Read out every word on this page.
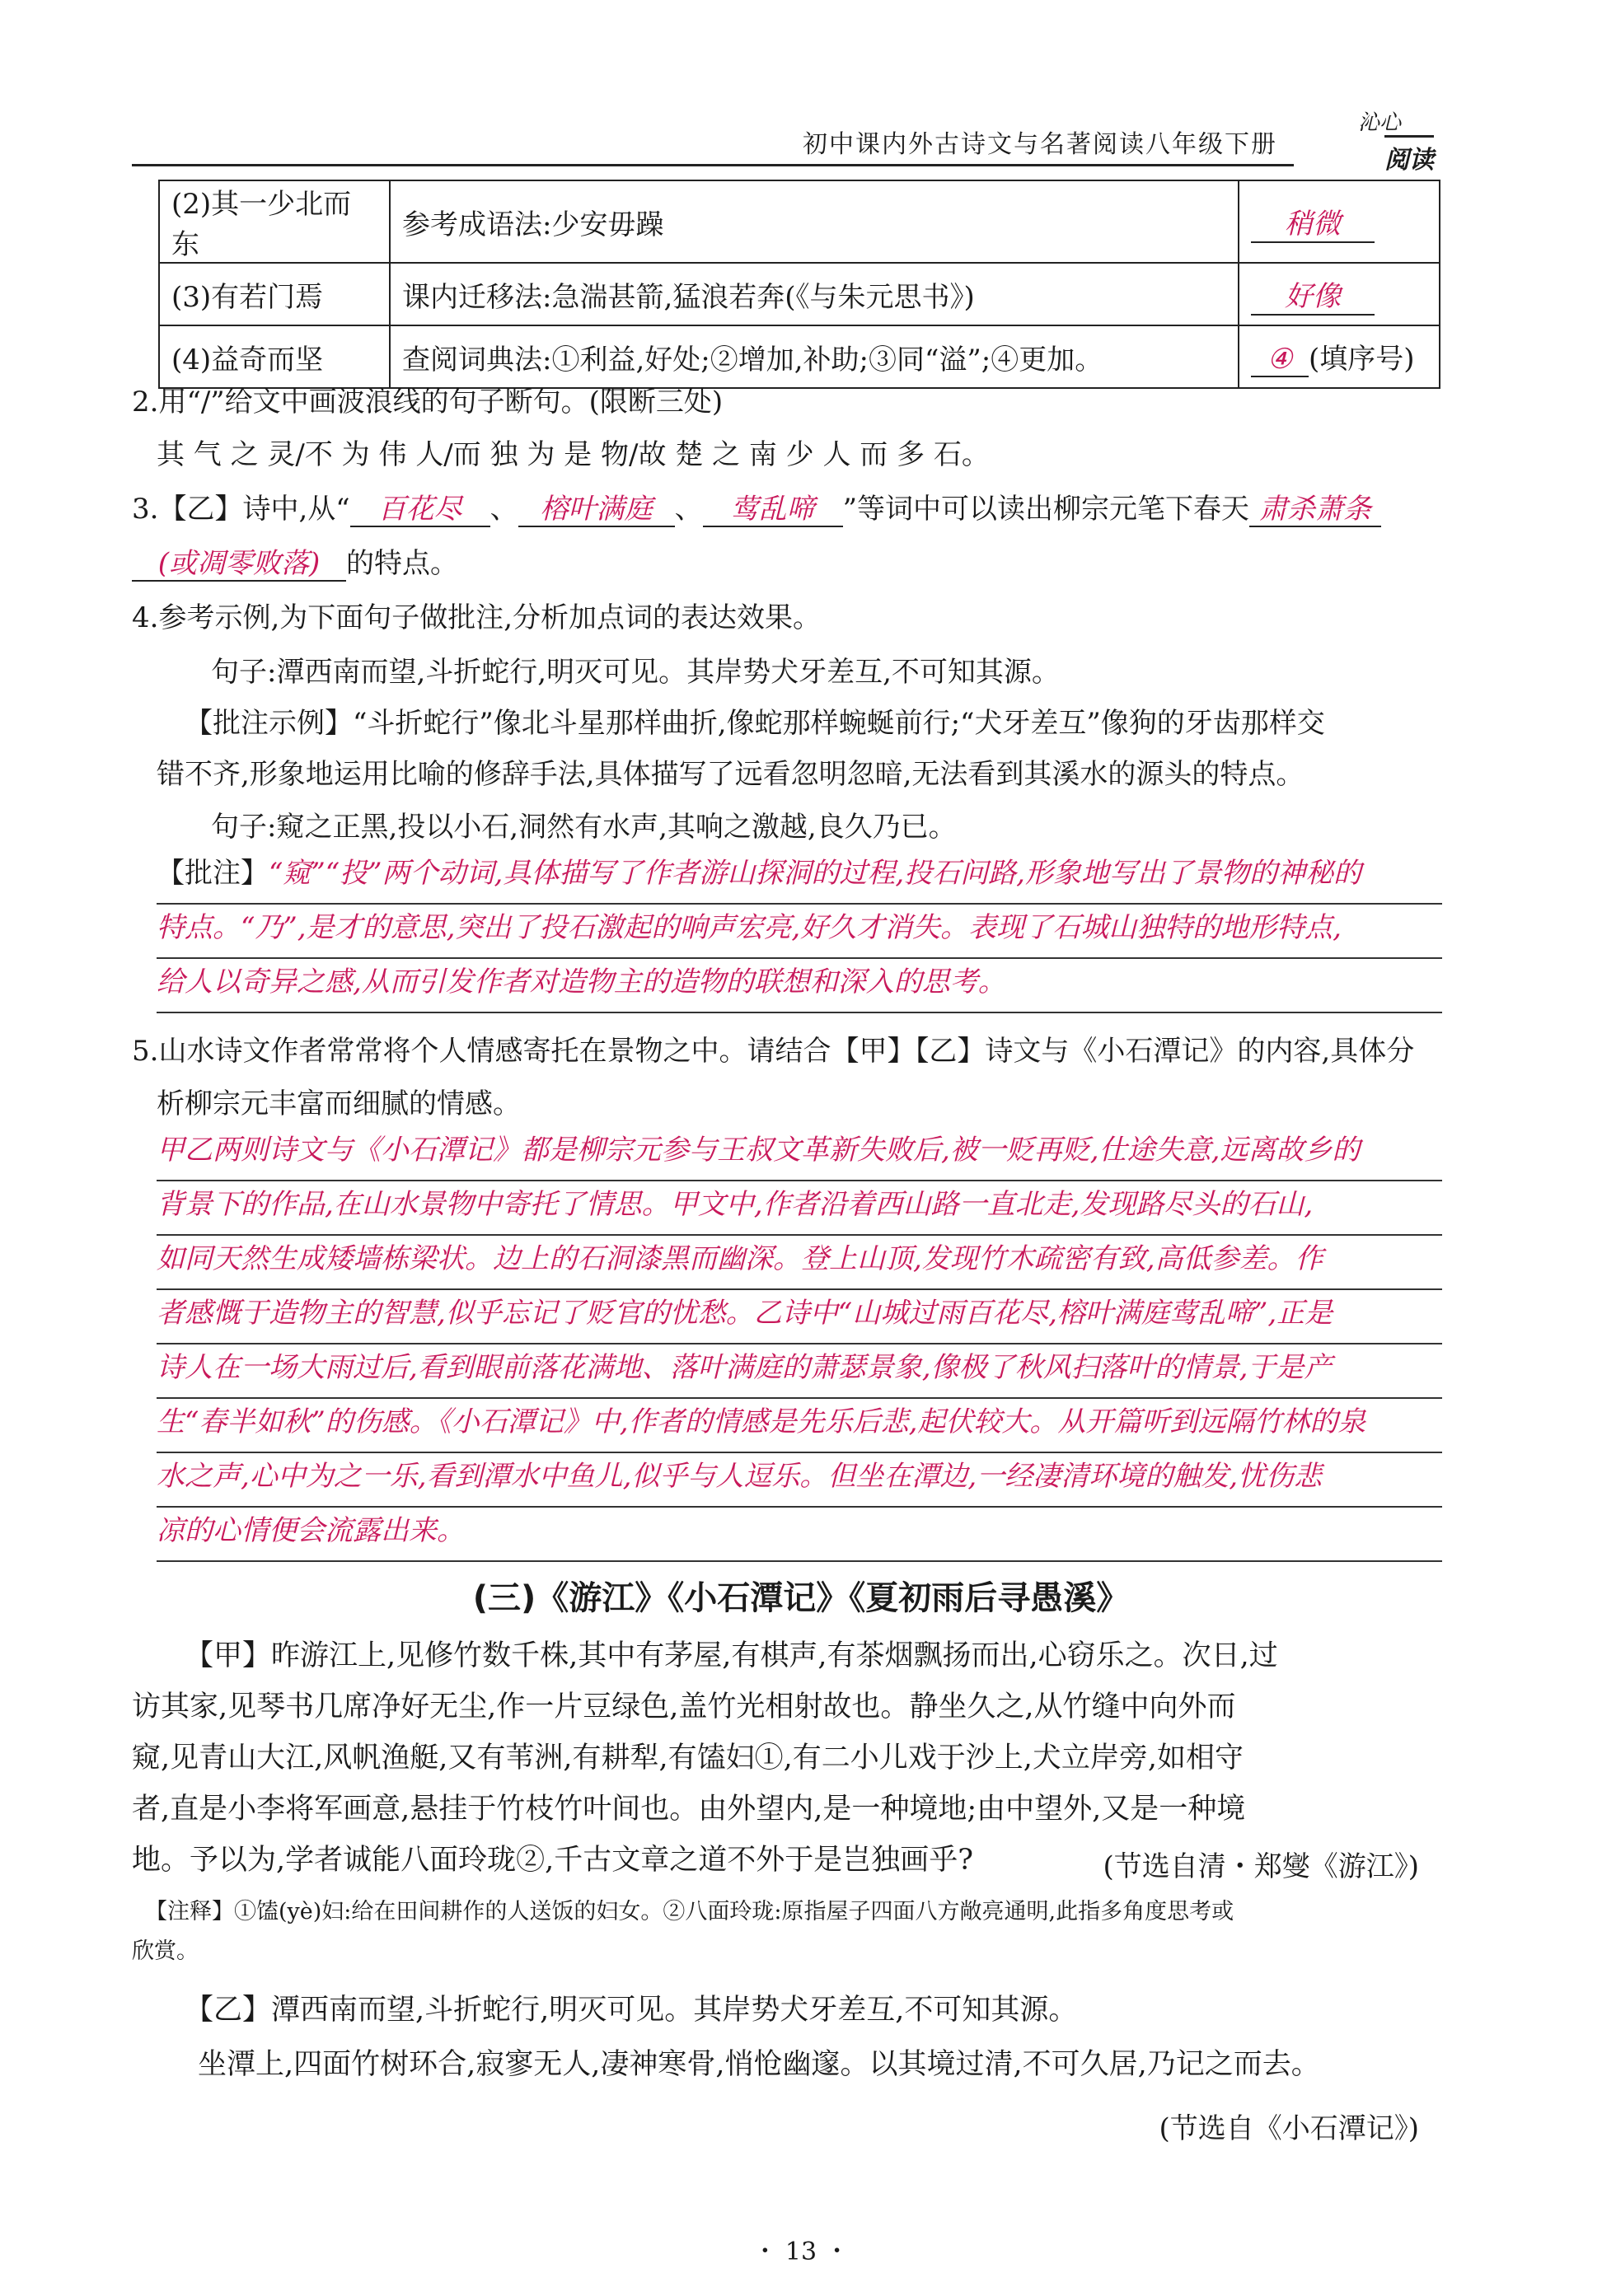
初中课内外古诗文与名著阅读八年级下册
沁心
阅读
(2)其一少北而东	参考成语法:少安毋躁	稍微
(3)有若门焉	课内迁移法:急湍甚箭,猛浪若奔(《与朱元思书》)	好像
(4)益奇而坚	查阅词典法:①利益,好处;②增加,补助;③同“溢”;④更加。	④ (填序号)
2.用“/”给文中画波浪线的句子断句。(限断三处)
其 气 之 灵/不 为 伟 人/而 独 为 是 物/故 楚 之 南 少 人 而 多 石。
3.【乙】诗中,从“ 百花尽 、 榕叶满庭 、 莺乱啼 ”等词中可以读出柳宗元笔下春天 肃杀萧条
(或凋零败落) 的特点。
4.参考示例,为下面句子做批注,分析加点词的表达效果。
句子:潭西南而望,斗折蛇行,明灭可见。其岸势犬牙差互,不可知其源。
【批注示例】“斗折蛇行”像北斗星那样曲折,像蛇那样蜿蜒前行;“犬牙差互”像狗的牙齿那样交
错不齐,形象地运用比喻的修辞手法,具体描写了远看忽明忽暗,无法看到其溪水的源头的特点。
句子:窥之正黑,投以小石,洞然有水声,其响之激越,良久乃已。
【批注】“窥”“投”两个动词,具体描写了作者游山探洞的过程,投石问路,形象地写出了景物的神秘的
特点。“乃”,是才的意思,突出了投石激起的响声宏亮,好久才消失。表现了石城山独特的地形特点,
给人以奇异之感,从而引发作者对造物主的造物的联想和深入的思考。
5.山水诗文作者常常将个人情感寄托在景物之中。请结合【甲】【乙】诗文与《小石潭记》的内容,具体分
析柳宗元丰富而细腻的情感。
甲乙两则诗文与《小石潭记》都是柳宗元参与王叔文革新失败后,被一贬再贬,仕途失意,远离故乡的
背景下的作品,在山水景物中寄托了情思。甲文中,作者沿着西山路一直北走,发现路尽头的石山,
如同天然生成矮墙栋梁状。边上的石洞漆黑而幽深。登上山顶,发现竹木疏密有致,高低参差。作
者感慨于造物主的智慧,似乎忘记了贬官的忧愁。乙诗中“山城过雨百花尽,榕叶满庭莺乱啼”,正是
诗人在一场大雨过后,看到眼前落花满地、落叶满庭的萧瑟景象,像极了秋风扫落叶的情景,于是产
生“春半如秋”的伤感。《小石潭记》中,作者的情感是先乐后悲,起伏较大。从开篇听到远隔竹林的泉
水之声,心中为之一乐,看到潭水中鱼儿,似乎与人逗乐。但坐在潭边,一经凄清环境的触发,忧伤悲
凉的心情便会流露出来。
(三)《游江》《小石潭记》《夏初雨后寻愚溪》
【甲】昨游江上,见修竹数千株,其中有茅屋,有棋声,有茶烟飘扬而出,心窃乐之。次日,过
访其家,见琴书几席净好无尘,作一片豆绿色,盖竹光相射故也。静坐久之,从竹缝中向外而
窥,见青山大江,风帆渔艇,又有苇洲,有耕犁,有馌妇①,有二小儿戏于沙上,犬立岸旁,如相守
者,直是小李将军画意,悬挂于竹枝竹叶间也。由外望内,是一种境地;由中望外,又是一种境
地。予以为,学者诚能八面玲珑②,千古文章之道不外于是岂独画乎?	(节选自清・郑燮《游江》)
【注释】①馌(yè)妇:给在田间耕作的人送饭的妇女。②八面玲珑:原指屋子四面八方敞亮通明,此指多角度思考或
欣赏。
【乙】潭西南而望,斗折蛇行,明灭可见。其岸势犬牙差互,不可知其源。
坐潭上,四面竹树环合,寂寥无人,凄神寒骨,悄怆幽邃。以其境过清,不可久居,乃记之而去。
(节选自《小石潭记》)
・ 13 ・
